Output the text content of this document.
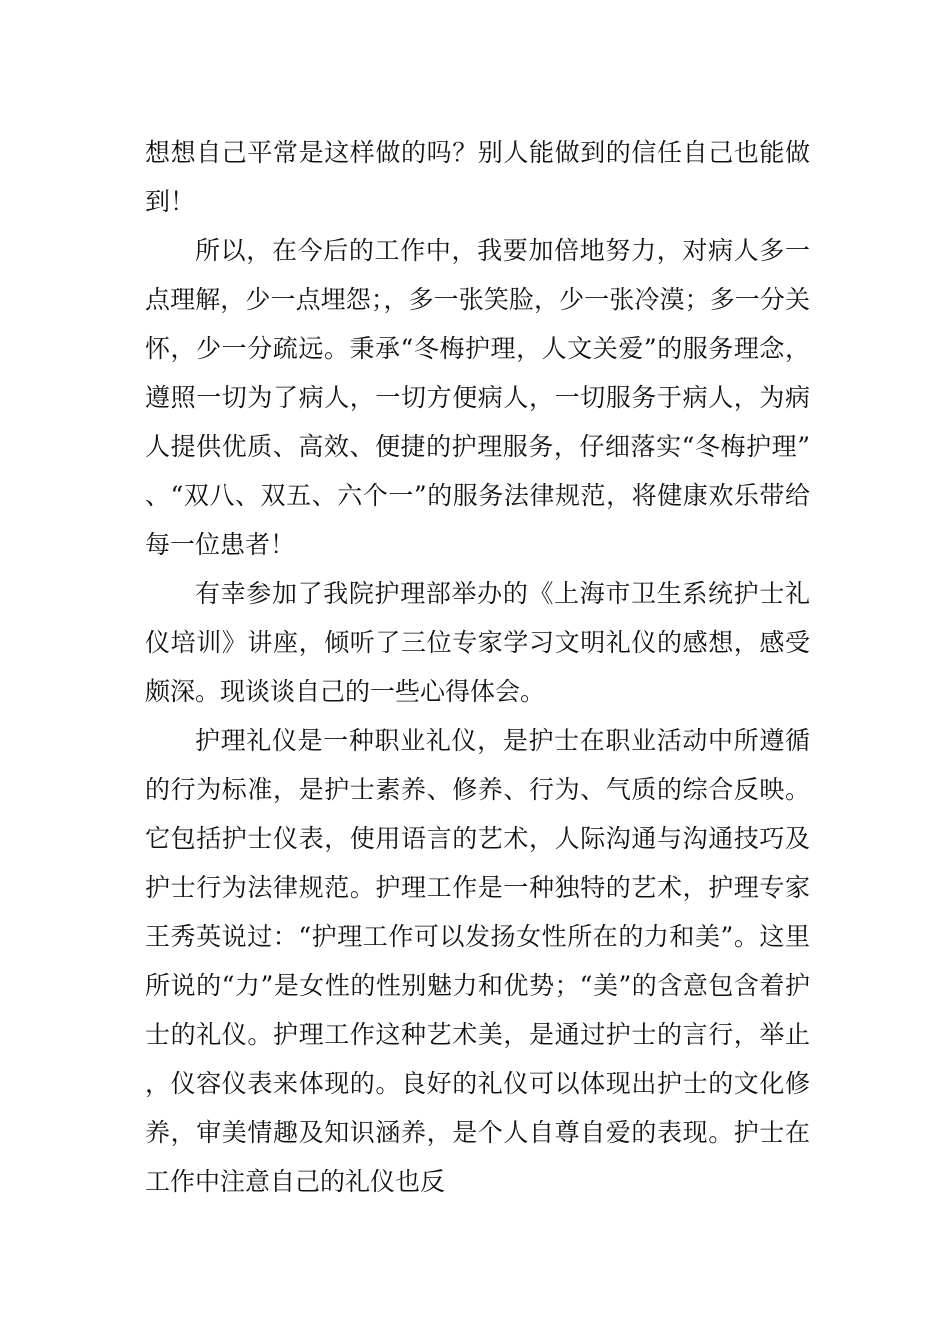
想想自己平常是这样做的吗？别人能做到的信任自己也能做到！

所以，在今后的工作中，我要加倍地努力，对病人多一点理解，少一点埋怨；，多一张笑脸，少一张冷漠；多一分关怀，少一分疏远。秉承“冬梅护理，人文关爱”的服务理念，遵照一切为了病人，一切方便病人，一切服务于病人，为病人提供优质、高效、便捷的护理服务，仔细落实“冬梅护理”、“双八、双五、六个一”的服务法律规范，将健康欢乐带给每一位患者！

有幸参加了我院护理部举办的《上海市卫生系统护士礼仪培训》讲座，倾听了三位专家学习文明礼仪的感想，感受颇深。现谈谈自己的一些心得体会。

护理礼仪是一种职业礼仪，是护士在职业活动中所遵循的行为标准，是护士素养、修养、行为、气质的综合反映。它包括护士仪表，使用语言的艺术，人际沟通与沟通技巧及护士行为法律规范。护理工作是一种独特的艺术，护理专家王秀英说过：“护理工作可以发扬女性所在的力和美”。这里所说的“力”是女性的性别魅力和优势；“美”的含意包含着护士的礼仪。护理工作这种艺术美，是通过护士的言行，举止，仪容仪表来体现的。良好的礼仪可以体现出护士的文化修养，审美情趣及知识涵养，是个人自尊自爱的表现。护士在工作中注意自己的礼仪也反
